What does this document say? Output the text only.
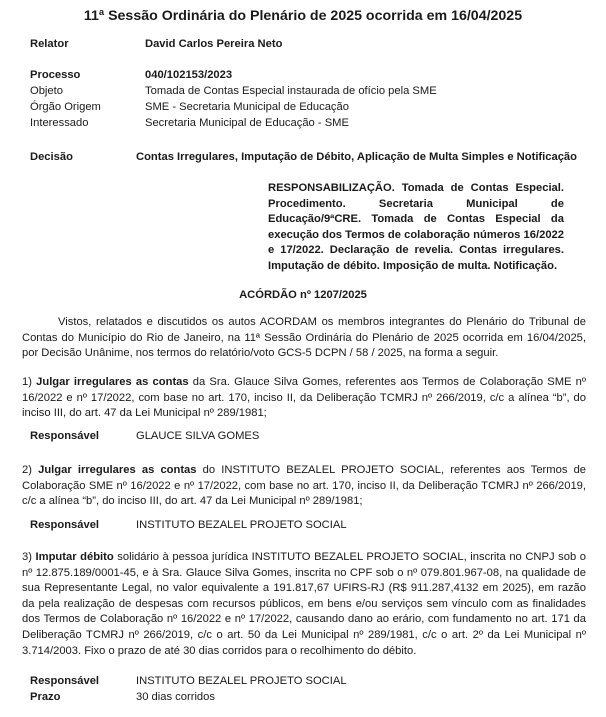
11ª Sessão Ordinária do Plenário de 2025 ocorrida em 16/04/2025
Relator	David Carlos Pereira Neto
Processo	040/102153/2023
Objeto	Tomada de Contas Especial instaurada de ofício pela SME
Órgão Origem	SME - Secretaria Municipal de Educação
Interessado	Secretaria Municipal de Educação - SME
Decisão	Contas Irregulares, Imputação de Débito, Aplicação de Multa Simples e Notificação
RESPONSABILIZAÇÃO. Tomada de Contas Especial. Procedimento. Secretaria Municipal de Educação/9ªCRE. Tomada de Contas Especial da execução dos Termos de colaboração números 16/2022 e 17/2022. Declaração de revelia. Contas irregulares. Imputação de débito. Imposição de multa. Notificação.
ACÓRDÃO nº 1207/2025
Vistos, relatados e discutidos os autos ACORDAM os membros integrantes do Plenário do Tribunal de Contas do Município do Rio de Janeiro, na 11ª Sessão Ordinária do Plenário de 2025 ocorrida em 16/04/2025, por Decisão Unânime, nos termos do relatório/voto GCS-5 DCPN / 58 / 2025, na forma a seguir.
1) Julgar irregulares as contas da Sra. Glauce Silva Gomes, referentes aos Termos de Colaboração SME nº 16/2022 e nº 17/2022, com base no art. 170, inciso II, da Deliberação TCMRJ nº 266/2019, c/c a alínea “b”, do inciso III, do art. 47 da Lei Municipal nº 289/1981;
Responsável	GLAUCE SILVA GOMES
2) Julgar irregulares as contas do INSTITUTO BEZALEL PROJETO SOCIAL, referentes aos Termos de Colaboração SME nº 16/2022 e nº 17/2022, com base no art. 170, inciso II, da Deliberação TCMRJ nº 266/2019, c/c a alínea “b”, do inciso III, do art. 47 da Lei Municipal nº 289/1981;
Responsável	INSTITUTO BEZALEL PROJETO SOCIAL
3) Imputar débito solidário à pessoa jurídica INSTITUTO BEZALEL PROJETO SOCIAL, inscrita no CNPJ sob o nº 12.875.189/0001-45, e à Sra. Glauce Silva Gomes, inscrita no CPF sob o nº 079.801.967-08, na qualidade de sua Representante Legal, no valor equivalente a 191.817,67 UFIRS-RJ (R$ 911.287,4132 em 2025), em razão da pela realização de despesas com recursos públicos, em bens e/ou serviços sem vínculo com as finalidades dos Termos de Colaboração nº 16/2022 e nº 17/2022, causando dano ao erário, com fundamento no art. 171 da Deliberação TCMRJ nº 266/2019, c/c o art. 50 da Lei Municipal nº 289/1981, c/c o art. 2º da Lei Municipal nº 3.714/2003. Fixo o prazo de até 30 dias corridos para o recolhimento do débito.
Responsável	INSTITUTO BEZALEL PROJETO SOCIAL
Prazo	30 dias corridos
